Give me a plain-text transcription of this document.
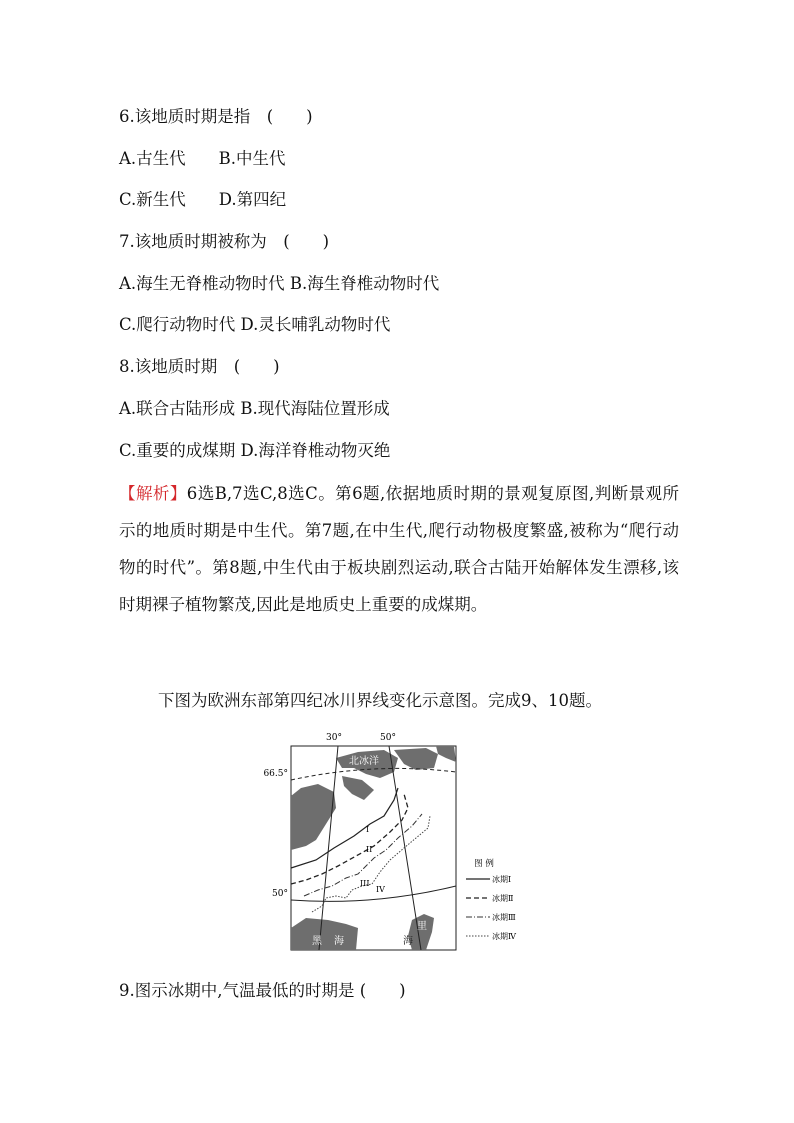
6.该地质时期是指　(　　)
A.古生代　　B.中生代
C.新生代　　D.第四纪
7.该地质时期被称为　(　　)
A.海生无脊椎动物时代 B.海生脊椎动物时代
C.爬行动物时代 D.灵长哺乳动物时代
8.该地质时期　(　　)
A.联合古陆形成 B.现代海陆位置形成
C.重要的成煤期 D.海洋脊椎动物灭绝
【解析】6选B,7选C,8选C。第6题,依据地质时期的景观复原图,判断景观所示的地质时期是中生代。第7题,在中生代,爬行动物极度繁盛,被称为“爬行动物的时代”。第8题,中生代由于板块剧烈运动,联合古陆开始解体发生漂移,该时期裸子植物繁茂,因此是地质史上重要的成煤期。
下图为欧洲东部第四纪冰川界线变化示意图。完成9、10题。
30°	50°
66.5°
50°
北冰洋
黑 海
里
海
I
II
III
IV
图 例
冰期Ⅰ
冰期Ⅱ
冰期Ⅲ
冰期Ⅳ
9.图示冰期中,气温最低的时期是 (　　)
